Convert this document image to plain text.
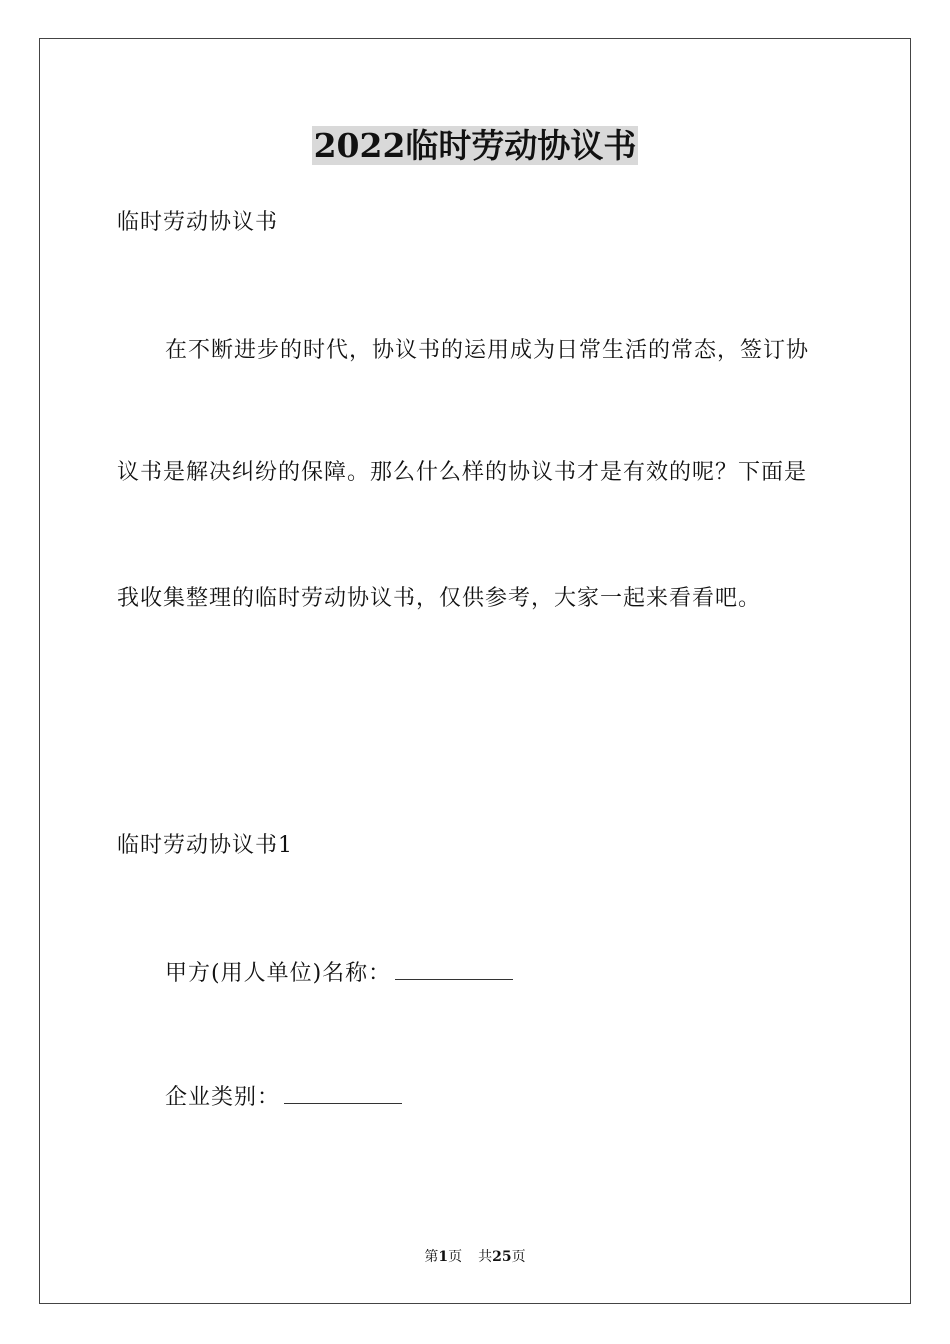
2022临时劳动协议书
临时劳动协议书
在不断进步的时代，协议书的运用成为日常生活的常态，签订协
议书是解决纠纷的保障。那么什么样的协议书才是有效的呢？下面是
我收集整理的临时劳动协议书，仅供参考，大家一起来看看吧。
临时劳动协议书1
甲方(用人单位)名称：
企业类别：
第1页 共25页
